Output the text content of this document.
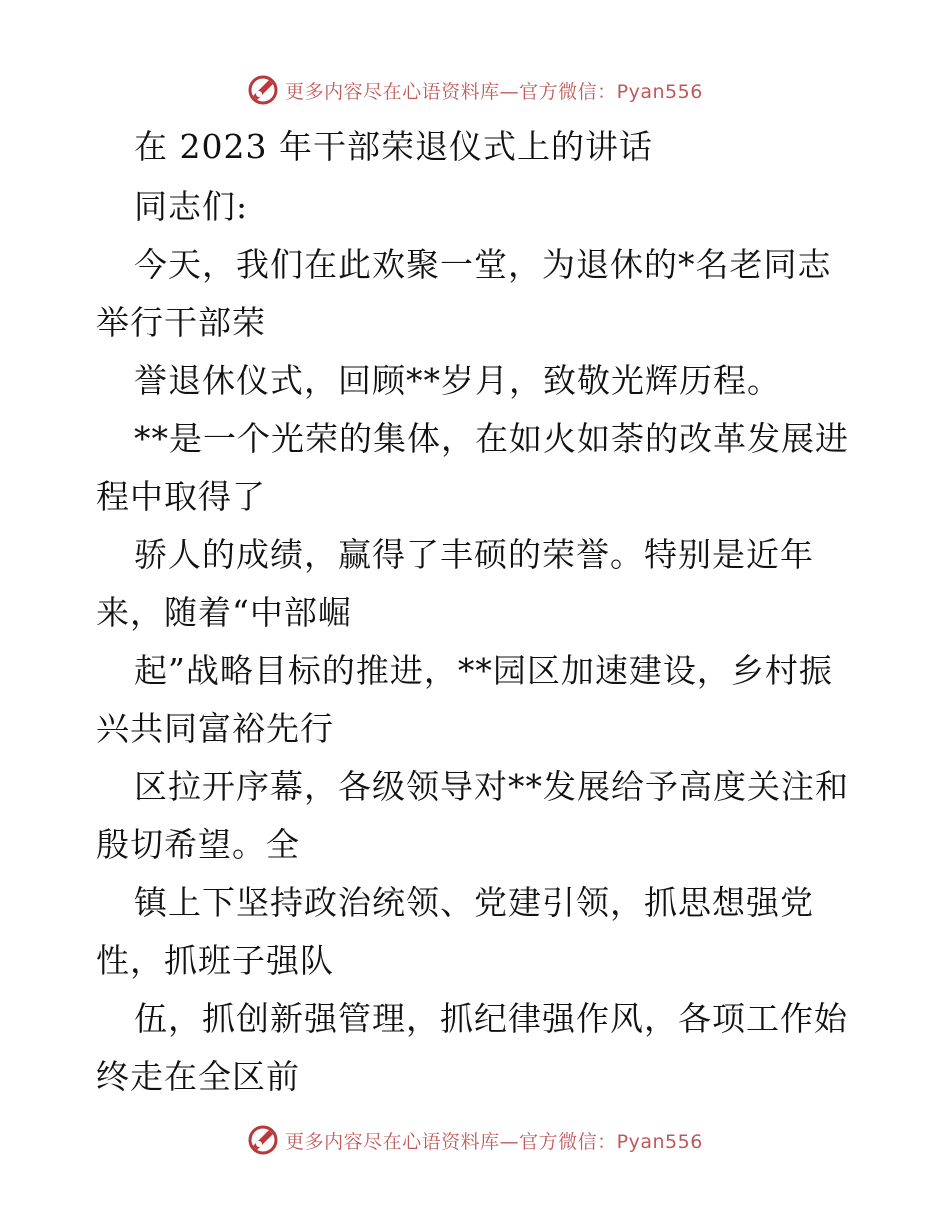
更多内容尽在心语资料库—官方微信：Pyan556
在 2023 年干部荣退仪式上的讲话
同志们:
今天，我们在此欢聚一堂，为退休的*名老同志
举行干部荣
誉退休仪式，回顾**岁月，致敬光辉历程。
**是一个光荣的集体，在如火如荼的改革发展进
程中取得了
骄人的成绩，赢得了丰硕的荣誉。特别是近年
来，随着“中部崛
起”战略目标的推进，**园区加速建设，乡村振
兴共同富裕先行
区拉开序幕，各级领导对**发展给予高度关注和
殷切希望。全
镇上下坚持政治统领、党建引领，抓思想强党
性，抓班子强队
伍，抓创新强管理，抓纪律强作风，各项工作始
终走在全区前
更多内容尽在心语资料库—官方微信：Pyan556
